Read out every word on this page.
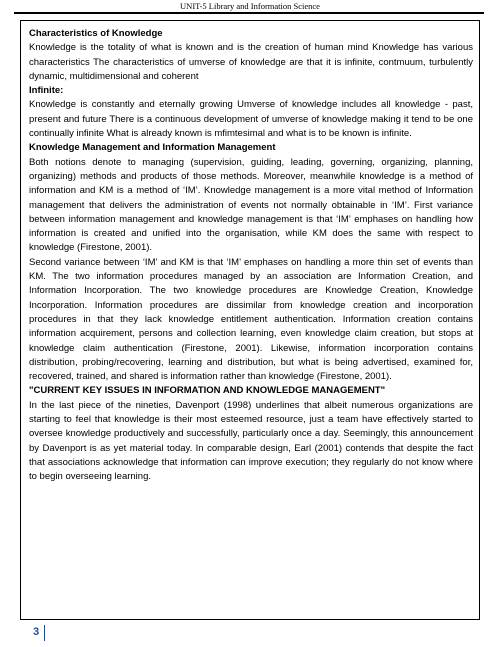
UNIT-5 Library and Information Science

Characteristics of Knowledge

Knowledge is the totality of what is known and is the creation of human mind Knowledge has various characteristics The characteristics of umverse of knowledge are that it is infinite, contmuum, turbulently dynamic, multidimensional and coherent

Infinite:

Knowledge is constantly and eternally growing Umverse of knowledge includes all knowledge - past, present and future There is a continuous development of umverse of knowledge making it tend to be one continually infinite What is already known is mfimtesimal and what is to be known is infinite.

Knowledge Management and Information Management

Both notions denote to managing (supervision, guiding, leading, governing, organizing, planning, organizing) methods and products of those methods. Moreover, meanwhile knowledge is a method of information and KM is a method of ‘IM’. Knowledge management is a more vital method of Information management that delivers the administration of events not normally obtainable in ‘IM’. First variance between information management and knowledge management is that ‘IM’ emphases on handling how information is created and unified into the organisation, while KM does the same with respect to knowledge (Firestone, 2001).

Second variance between ‘IM’ and KM is that ‘IM’ emphases on handling a more thin set of events than KM. The two information procedures managed by an association are Information Creation, and Information Incorporation. The two knowledge procedures are Knowledge Creation, Knowledge Incorporation. Information procedures are dissimilar from knowledge creation and incorporation procedures in that they lack knowledge entitlement authentication. Information creation contains information acquirement, persons and collection learning, even knowledge claim creation, but stops at knowledge claim authentication (Firestone, 2001). Likewise, information incorporation contains distribution, probing/recovering, learning and distribution, but what is being advertised, examined for, recovered, trained, and shared is information rather than knowledge (Firestone, 2001).

"CURRENT KEY ISSUES IN INFORMATION AND KNOWLEDGE MANAGEMENT"

In the last piece of the nineties, Davenport (1998) underlines that albeit numerous organizations are starting to feel that knowledge is their most esteemed resource, just a team have effectively started to oversee knowledge productively and successfully, particularly once a day. Seemingly, this announcement by Davenport is as yet material today. In comparable design, Earl (2001) contends that despite the fact that associations acknowledge that information can improve execution; they regularly do not know where to begin overseeing learning.

3
